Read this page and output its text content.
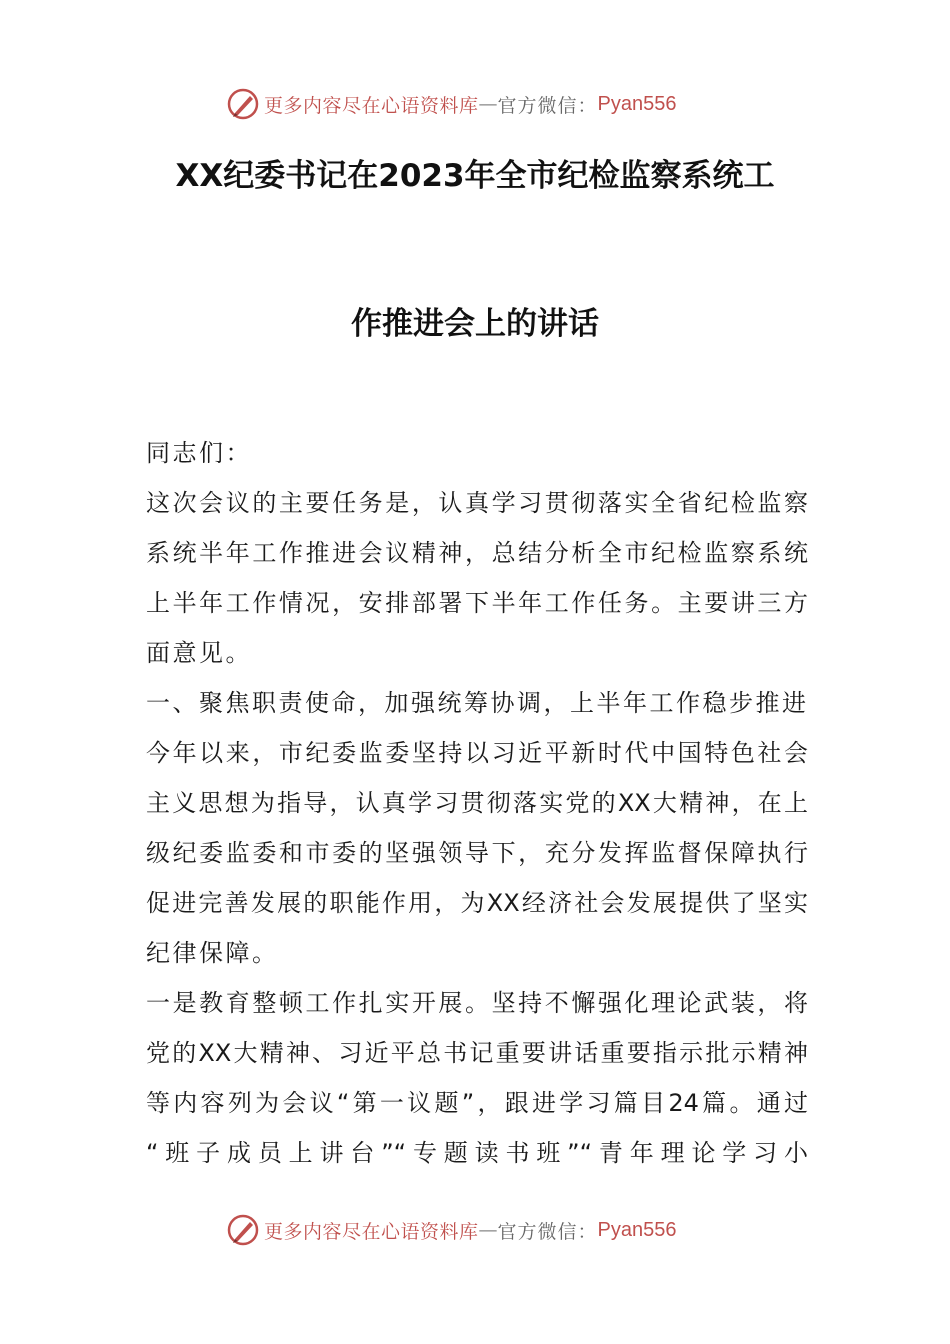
更多内容尽在心语资料库 — 官方微信： Pyan556
XX纪委书记在2023年全市纪检监察系统工
作推进会上的讲话
同志们：
这次会议的主要任务是，认真学习贯彻落实全省纪检监察
系统半年工作推进会议精神，总结分析全市纪检监察系统
上半年工作情况，安排部署下半年工作任务。主要讲三方
面意见。
一、聚焦职责使命，加强统筹协调，上半年工作稳步推进
今年以来，市纪委监委坚持以习近平新时代中国特色社会
主义思想为指导，认真学习贯彻落实党的XX大精神，在上
级纪委监委和市委的坚强领导下，充分发挥监督保障执行
促进完善发展的职能作用，为XX经济社会发展提供了坚实
纪律保障。
一是教育整顿工作扎实开展。坚持不懈强化理论武装，将
党的XX大精神、习近平总书记重要讲话重要指示批示精神
等内容列为会议“第一议题”，跟进学习篇目24篇。通过
“班子成员上讲台”“专题读书班”“青年理论学习小
更多内容尽在心语资料库 — 官方微信： Pyan556
